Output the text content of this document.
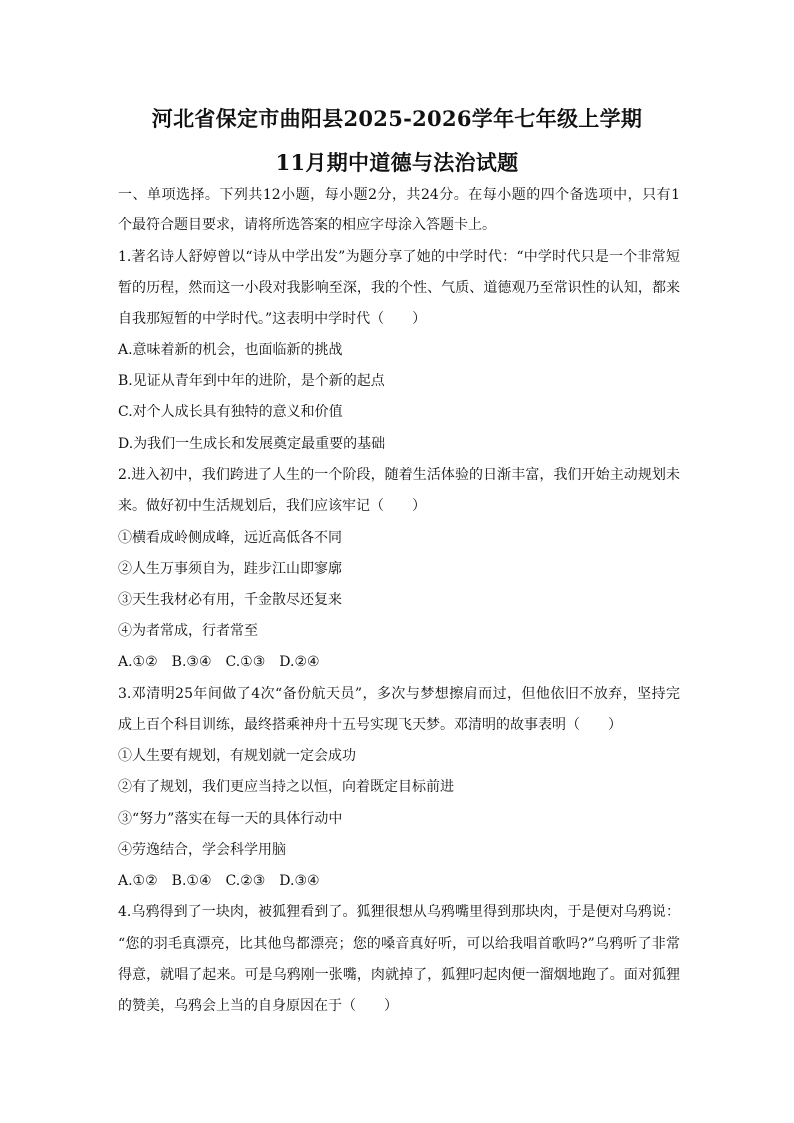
河北省保定市曲阳县2025-2026学年七年级上学期
11月期中道德与法治试题
一、单项选择。下列共12小题，每小题2分，共24分。在每小题的四个备选项中，只有1
个最符合题目要求，请将所选答案的相应字母涂入答题卡上。
1.著名诗人舒婷曾以“诗从中学出发”为题分享了她的中学时代：“中学时代只是一个非常短
暂的历程，然而这一小段对我影响至深，我的个性、气质、道德观乃至常识性的认知，都来
自我那短暂的中学时代。”这表明中学时代（　　）
A.意味着新的机会，也面临新的挑战
B.见证从青年到中年的进阶，是个新的起点
C.对个人成长具有独特的意义和价值
D.为我们一生成长和发展奠定最重要的基础
2.进入初中，我们跨进了人生的一个阶段，随着生活体验的日渐丰富，我们开始主动规划未
来。做好初中生活规划后，我们应该牢记（　　）
①横看成岭侧成峰，远近高低各不同
②人生万事须自为，跬步江山即寥廓
③天生我材必有用，千金散尽还复来
④为者常成，行者常至
A.①②　B.③④　C.①③　D.②④
3.邓清明25年间做了4次“备份航天员”，多次与梦想擦肩而过，但他依旧不放弃，坚持完
成上百个科目训练，最终搭乘神舟十五号实现飞天梦。邓清明的故事表明（　　）
①人生要有规划，有规划就一定会成功
②有了规划，我们更应当持之以恒，向着既定目标前进
③“努力”落实在每一天的具体行动中
④劳逸结合，学会科学用脑
A.①②　B.①④　C.②③　D.③④
4.乌鸦得到了一块肉，被狐狸看到了。狐狸很想从乌鸦嘴里得到那块肉，于是便对乌鸦说：
“您的羽毛真漂亮，比其他鸟都漂亮；您的嗓音真好听，可以给我唱首歌吗?”乌鸦听了非常
得意，就唱了起来。可是乌鸦刚一张嘴，肉就掉了，狐狸叼起肉便一溜烟地跑了。面对狐狸
的赞美，乌鸦会上当的自身原因在于（　　）
